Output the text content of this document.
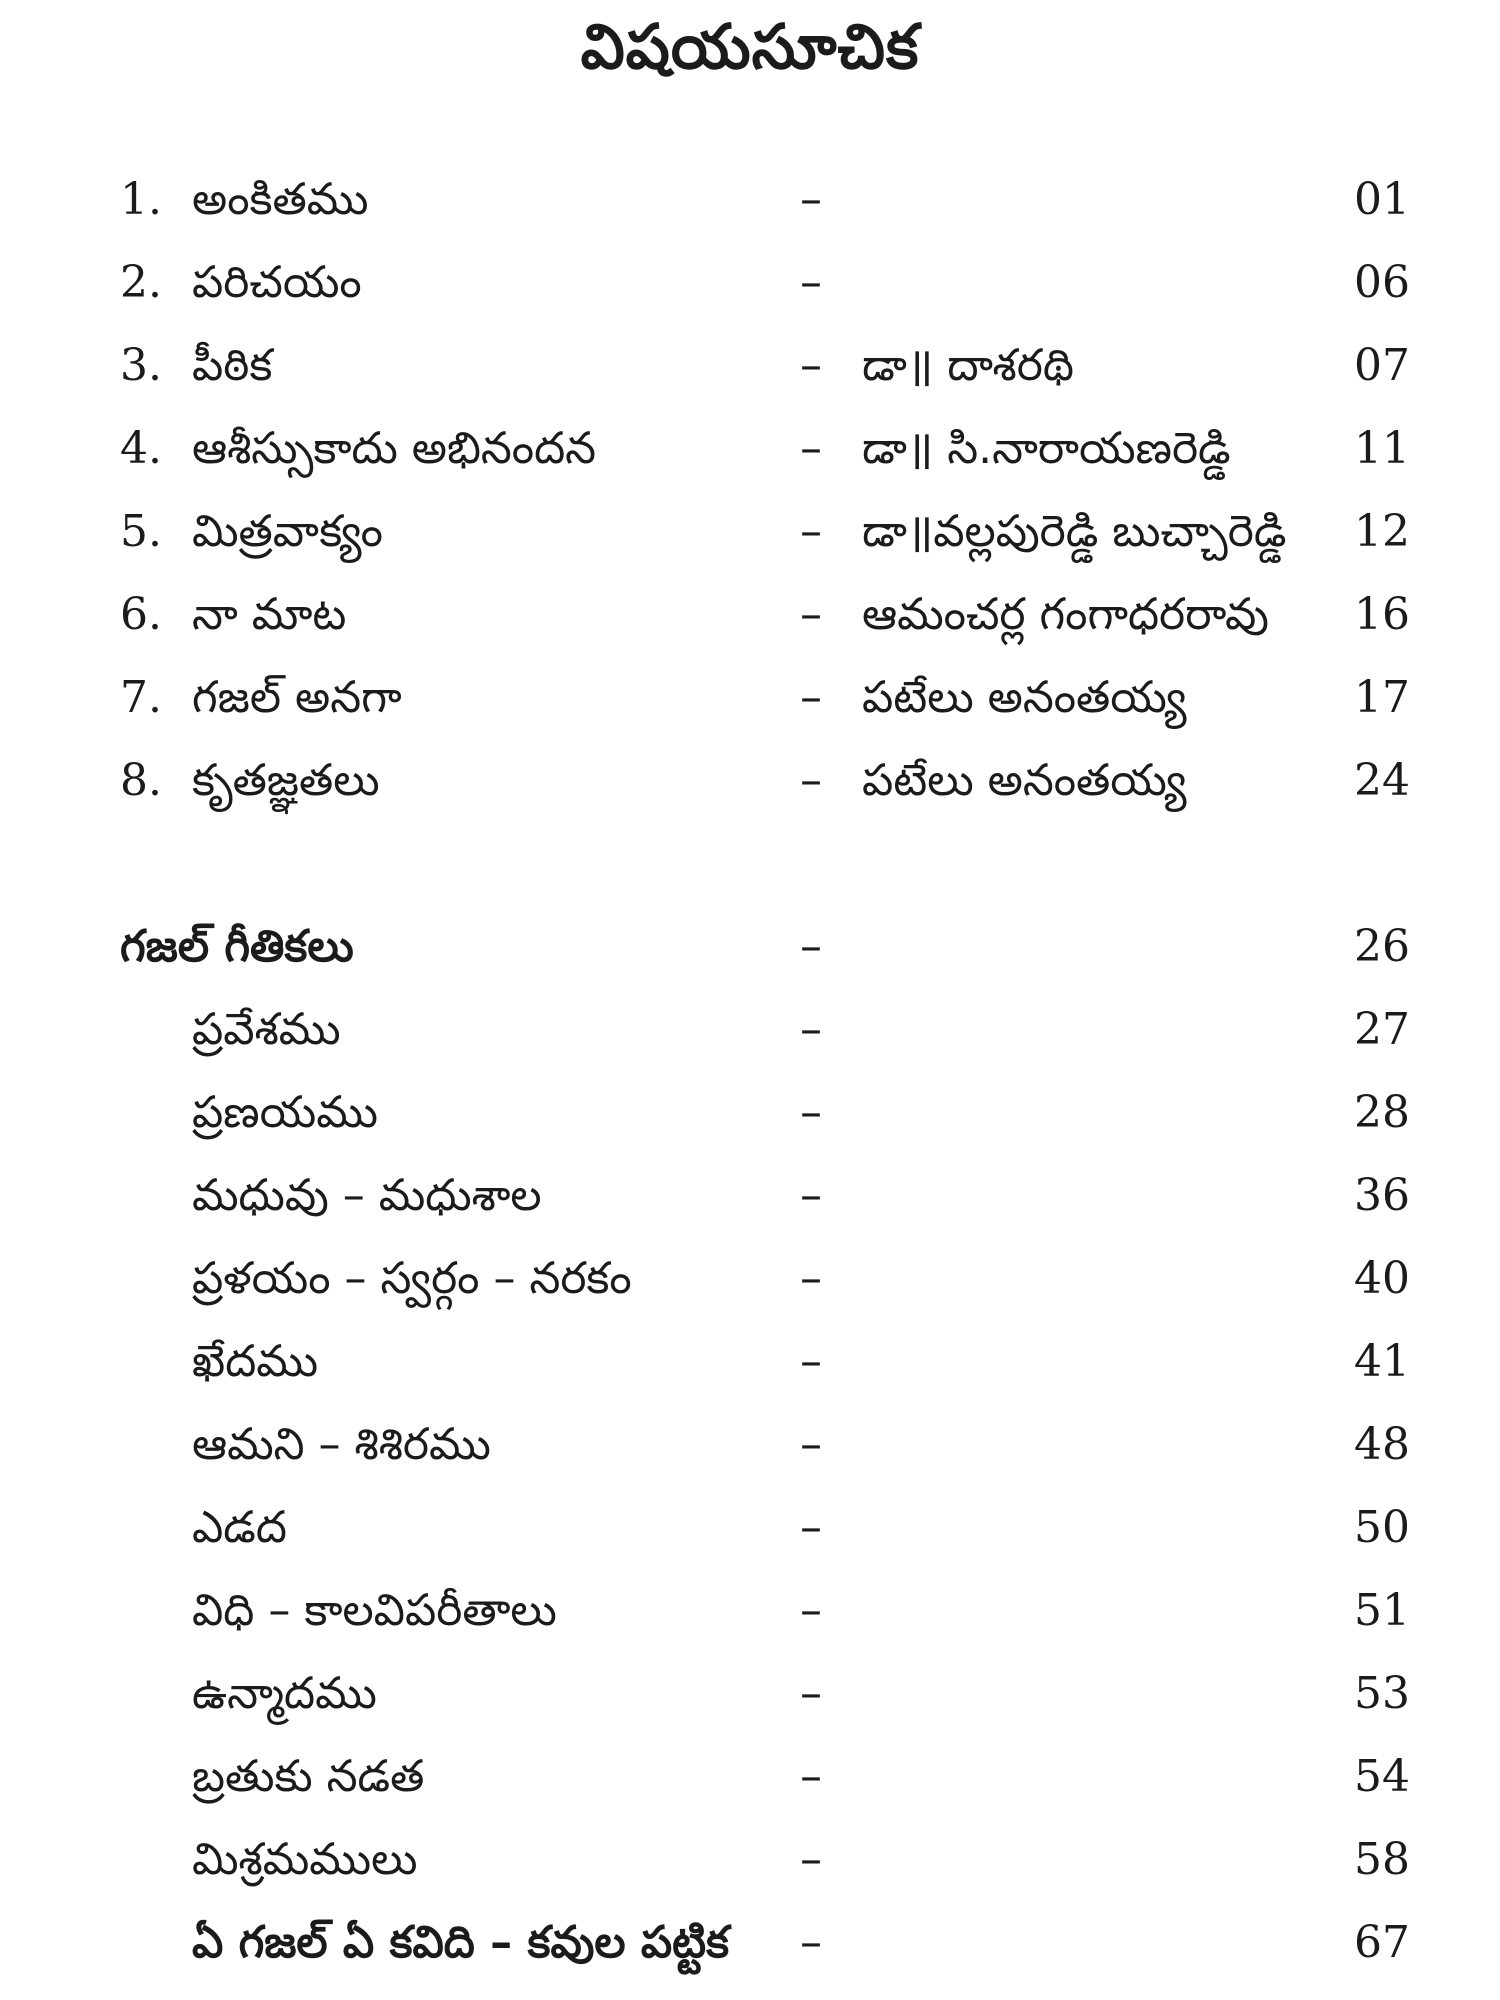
విషయసూచిక
1. అంకితము	–	01
2. పరిచయం	–	06
3. పీఠిక	– డా॥ దాశరథి	07
4. ఆశీస్సుకాదు అభినందన	– డా॥ సి.నారాయణరెడ్డి	11
5. మిత్రవాక్యం	– డా॥వల్లపురెడ్డి బుచ్చారెడ్డి 12
6. నా మాట	– ఆమంచర్ల గంగాధరరావు 16
7. గజల్ అనగా	– పటేలు అనంతయ్య	17
8. కృతజ్ఞతలు	– పటేలు అనంతయ్య	24
గజల్ గీతికలు	–	26
ప్రవేశము	–	27
ప్రణయము	–	28
మధువు – మధుశాల	–	36
ప్రళయం – స్వర్గం – నరకం	–	40
ఖేదము	–	41
ఆమని – శిశిరము	–	48
ఎడద	–	50
విధి – కాలవిపరీతాలు	–	51
ఉన్మాదము	–	53
బ్రతుకు నడత	–	54
మిశ్రమములు	–	58
ఏ గజల్ ఏ కవిది – కవుల పట్టిక –	67
